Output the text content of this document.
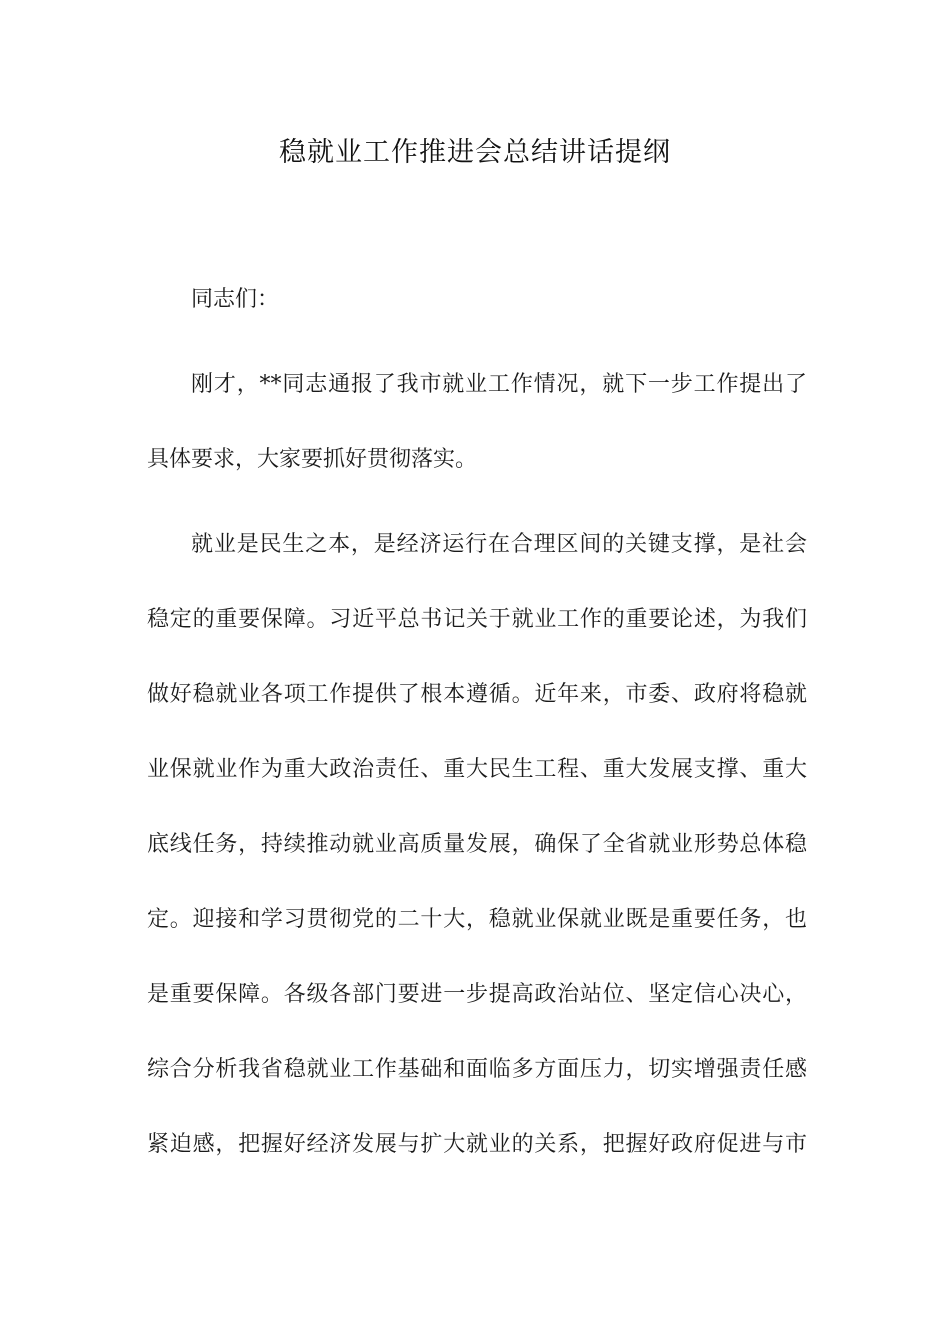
稳就业工作推进会总结讲话提纲

同志们：

刚才，**同志通报了我市就业工作情况，就下一步工作提出了

具体要求，大家要抓好贯彻落实。

就业是民生之本，是经济运行在合理区间的关键支撑，是社会

稳定的重要保障。习近平总书记关于就业工作的重要论述，为我们

做好稳就业各项工作提供了根本遵循。近年来，市委、政府将稳就

业保就业作为重大政治责任、重大民生工程、重大发展支撑、重大

底线任务，持续推动就业高质量发展，确保了全省就业形势总体稳

定。迎接和学习贯彻党的二十大，稳就业保就业既是重要任务，也

是重要保障。各级各部门要进一步提高政治站位、坚定信心决心，

综合分析我省稳就业工作基础和面临多方面压力，切实增强责任感

紧迫感，把握好经济发展与扩大就业的关系，把握好政府促进与市
